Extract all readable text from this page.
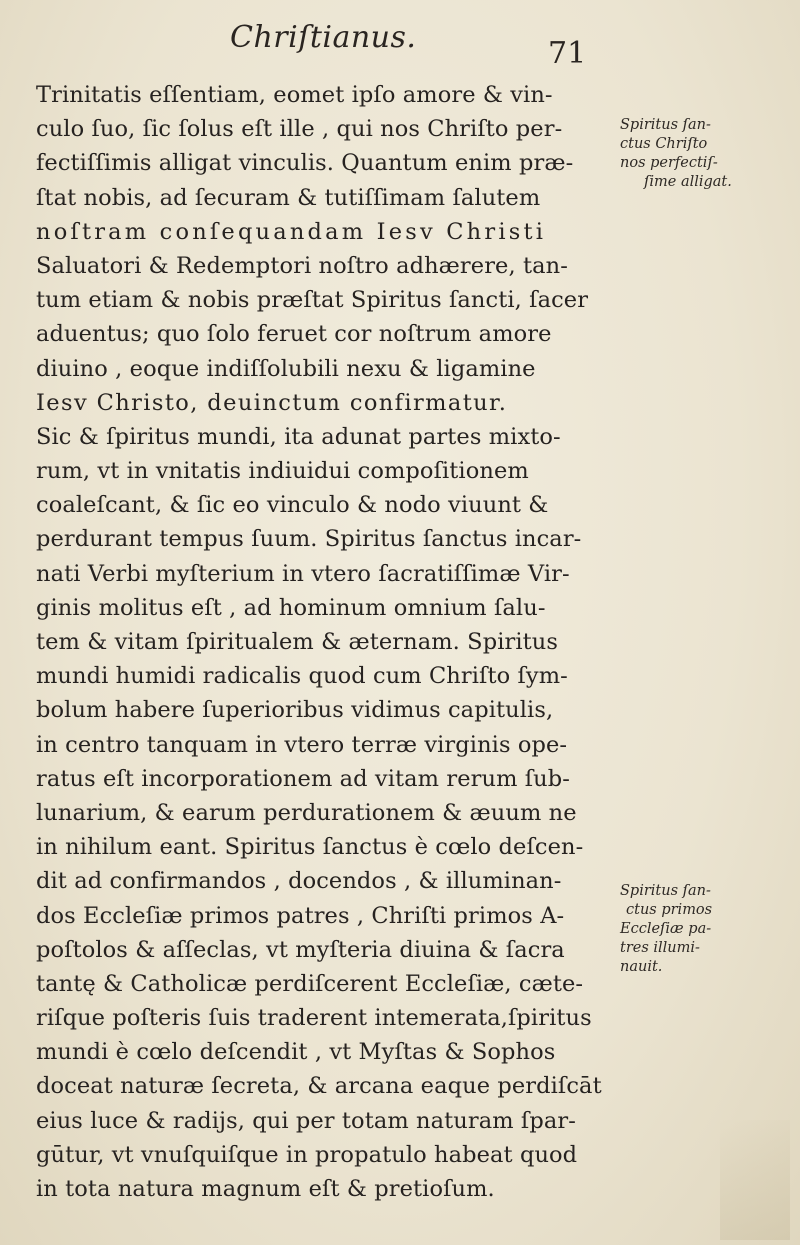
Chriſtianus.	71
Trinitatis eſſentiam, eomet ipſo amore & vin-
culo ſuo, ſic ſolus eſt ille , qui nos Chriſto per-
fectiſſimis alligat vinculis. Quantum enim præ-
ſtat nobis, ad ſecuram & tutiſſimam ſalutem
noſtram conſequandam Iesv Christi
Saluatori & Redemptori noſtro adhærere, tan-
tum etiam & nobis præſtat Spiritus ſancti, ſacer
aduentus; quo ſolo feruet cor noſtrum amore
diuino , eoque indiſſolubili nexu & ligamine
Iesv Christo, deuinctum confirmatur.
Sic & ſpiritus mundi, ita adunat partes mixto-
rum, vt in vnitatis indiuidui compoſitionem
coaleſcant, & ſic eo vinculo & nodo viuunt &
perdurant tempus ſuum. Spiritus ſanctus incar-
nati Verbi myſterium in vtero ſacratiſſimæ Vir-
ginis molitus eſt , ad hominum omnium ſalu-
tem & vitam ſpiritualem & æternam. Spiritus
mundi humidi radicalis quod cum Chriſto ſym-
bolum habere ſuperioribus vidimus capitulis,
in centro tanquam in vtero terræ virginis ope-
ratus eſt incorporationem ad vitam rerum ſub-
lunarium, & earum perdurationem & æuum ne
in nihilum eant. Spiritus ſanctus è cœlo deſcen-
dit ad confirmandos , docendos , & illuminan-
dos Eccleſiæ primos patres , Chriſti primos A-
poſtolos & aſſeclas, vt myſteria diuina & ſacra
tantę & Catholicæ perdiſcerent Eccleſiæ, cæte-
riſque poſteris ſuis traderent intemerata,ſpiritus
mundi è cœlo deſcendit , vt Myſtas & Sophos
doceat naturæ ſecreta, & arcana eaque perdiſcāt
eius luce & radijs, qui per totam naturam ſpar-
gūtur, vt vnuſquiſque in propatulo habeat quod
in tota natura magnum eſt & pretioſum.
Spiritus ſan-
ctus Chriſto
nos perfectiſ-
ſime alligat.
Spiritus ſan-
ctus primos
Eccleſiæ pa-
tres illumi-
nauit.
